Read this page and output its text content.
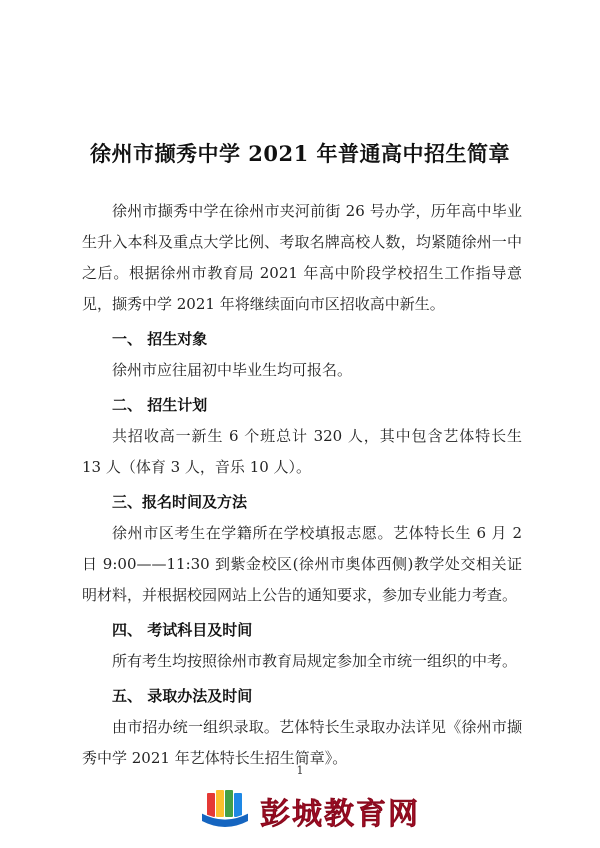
徐州市撷秀中学 2021 年普通高中招生简章

徐州市撷秀中学在徐州市夹河前街 26 号办学，历年高中毕业生升入本科及重点大学比例、考取名牌高校人数，均紧随徐州一中之后。根据徐州市教育局 2021 年高中阶段学校招生工作指导意见，撷秀中学 2021 年将继续面向市区招收高中新生。

一、 招生对象

徐州市应往届初中毕业生均可报名。

二、 招生计划

共招收高一新生 6 个班总计 320 人，其中包含艺体特长生 13 人（体育 3 人，音乐 10 人）。

三、报名时间及方法

徐州市区考生在学籍所在学校填报志愿。艺体特长生 6 月 2 日 9:00——11:30 到紫金校区(徐州市奥体西侧)教学处交相关证明材料，并根据校园网站上公告的通知要求，参加专业能力考查。

四、 考试科目及时间

所有考生均按照徐州市教育局规定参加全市统一组织的中考。

五、 录取办法及时间

由市招办统一组织录取。艺体特长生录取办法详见《徐州市撷秀中学 2021 年艺体特长生招生简章》。

1
彭城教育网
